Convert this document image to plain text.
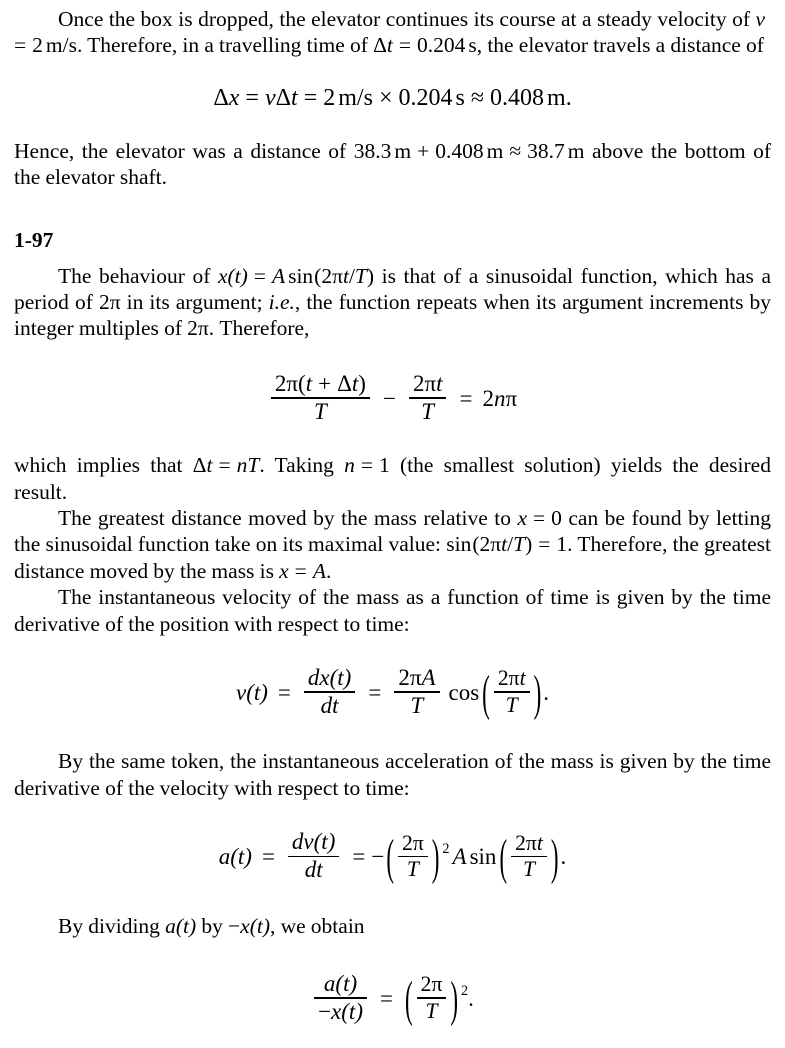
Once the box is dropped, the elevator continues its course at a steady velocity of v= 2 m/s. Therefore, in a travelling time of Δt = 0.204 s, the elevator travels a distance of

Δ x = v Δ t = 2 m/s × 0.204 s ≈ 0.408 m .

Hence, the elevator was a distance of 38.3 m + 0.408 m ≈ 38.7 m above the bottom of the elevator shaft.

1-97

The behaviour of x(t) = A sin(2πt/T) is that of a sinusoidal function, which has a period of 2π in its argument; i.e., the function repeats when its argument increments by integer multiples of 2π. Therefore,

$\frac{2\pi(t + \Delta t)}{T} - \frac{2\pi t}{T} = 2$ n π

which implies that Δt = nT. Taking n = 1 (the smallest solution) yields the desired result.

The greatest distance moved by the mass relative to x = 0 can be found by letting the sinusoidal function take on its maximal value: sin(2πt/T) = 1. Therefore, the greatest distance moved by the mass is x = A.

The instantaneous velocity of the mass as a function of time is given by the time derivative of the position with respect to time:

v $(t) = \frac{dx(t)}{dt} = \frac{2\pi A}{T}$ cos ( $\frac{2\pi t}{T}$ ) .

By the same token, the instantaneous acceleration of the mass is given by the time derivative of the velocity with respect to time:

a $(t) = \frac{dv(t)}{dt}$ = − ( $\frac{2\pi}{T}$ ) 2 A sin ( $\frac{2\pi t}{T}$ ) .

By dividing a(t) by −x(t), we obtain

$\frac{a(t)}{-x(t)}$ = ( $\frac{2\pi}{T}$ ) 2 .
